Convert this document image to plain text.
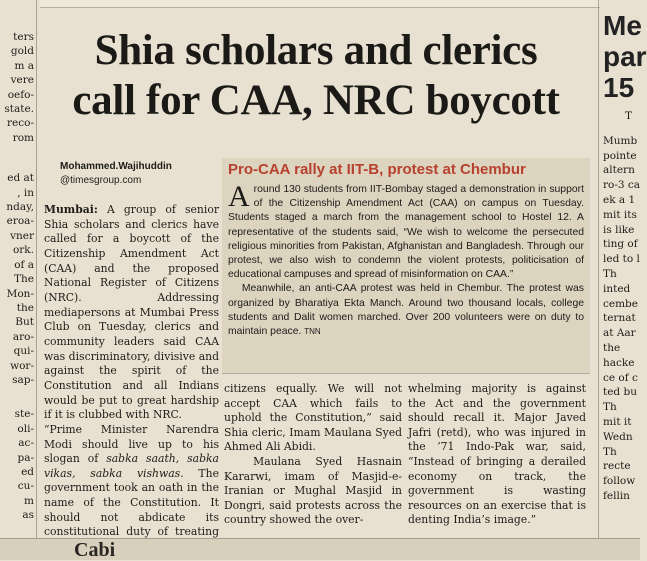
ters
gold
m a
vere
oefo-
state.
reco-
rom
ed at
, in
nday,
eroa-
vner
ork.
of a
The
Mon-
the
But
aro-
qui-
wor-
sap-
ste-
oli-
ac-
pa-
ed
cu-
m
as
Me
par
15
T
Mumb
pointe
altern
ro-3 ca
ek a 1
mit its
is like
ting of
led to l
Th
inted
cembe
ternat
at Aar
the
hacke
ce of c
ted bu
Th
mit it
Wedn
Th
recte
follow
fellin
Shia scholars and clerics
call for CAA, NRC boycott
Mohammed.Wajihuddin
@timesgroup.com
Mumbai: A group of senior Shia scholars and clerics have called for a boycott of the Citizenship Amendment Act (CAA) and the proposed National Register of Citizens (NRC). Addressing mediapersons at Mumbai Press Club on Tuesday, clerics and community leaders said CAA was discriminatory, divisive and against the spirit of the Constitution and all Indians would be put to great hardship if it is clubbed with NRC.
“Prime Minister Narendra Modi should live up to his slogan of sabka saath, sabka vikas, sabka vishwas. The government took an oath in the name of the Constitution. It should not abdicate its constitutional duty of treating
Pro-CAA rally at IIT-B, protest at Chembur
A round 130 students from IIT-Bombay staged a demonstration in support of the Citizenship Amendment Act (CAA) on campus on Tuesday. Students staged a march from the management school to Hostel 12. A representative of the students said, “We wish to welcome the persecuted religious minorities from Pakistan, Afghanistan and Bangladesh. Through our protest, we also wish to condemn the violent protests, politicisation of educational campuses and spread of misinformation on CAA.”
Meanwhile, an anti-CAA protest was held in Chembur. The protest was organized by Bharatiya Ekta Manch. Around two thousand locals, college students and Dalit women marched. Over 200 volunteers were on duty to maintain peace. TNN
citizens equally. We will not accept CAA which fails to uphold the Constitution,” said Shia cleric, Imam Maulana Syed Ahmed Ali Abidi.
Maulana Syed Hasnain Kararwi, imam of Masjid-e-Iranian or Mughal Masjid in Dongri, said protests across the country showed the over-
whelming majority is against the Act and the government should recall it. Major Javed Jafri (retd), who was injured in the ’71 Indo-Pak war, said, “Instead of bringing a derailed economy on track, the government is wasting resources on an exercise that is denting India’s image.”
Cabi
